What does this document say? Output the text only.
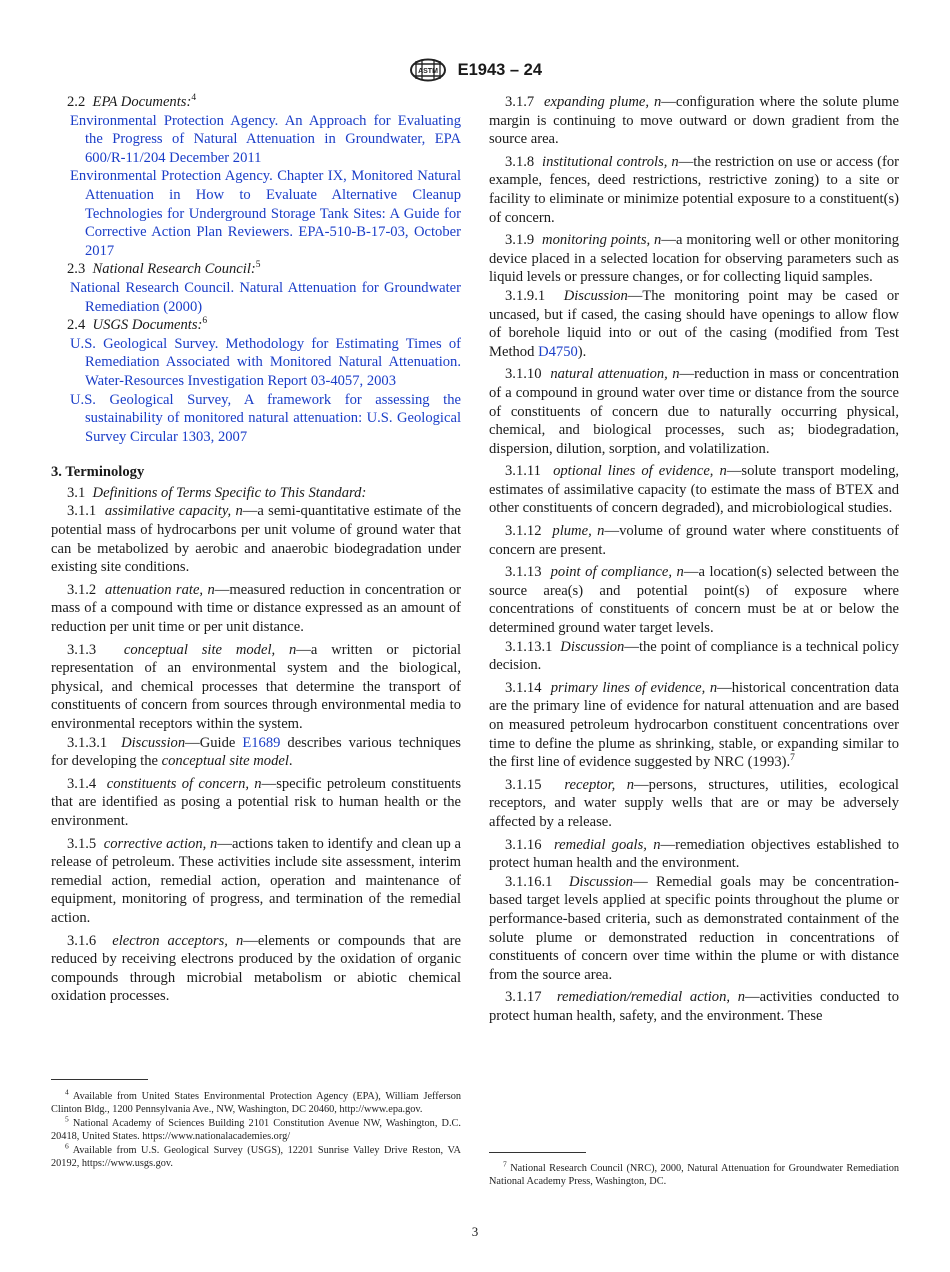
ASTM E1943 – 24

2.2 EPA Documents:$^4$

Environmental Protection Agency. An Approach for Evaluating the Progress of Natural Attenuation in Groundwater, EPA 600/R-11/204 December 2011

Environmental Protection Agency. Chapter IX, Monitored Natural Attenuation in How to Evaluate Alternative Cleanup Technologies for Underground Storage Tank Sites: A Guide for Corrective Action Plan Reviewers. EPA-510-B-17-03, October 2017

2.3 National Research Council:$^5$

National Research Council. Natural Attenuation for Groundwater Remediation (2000)

2.4 USGS Documents:$^6$

U.S. Geological Survey. Methodology for Estimating Times of Remediation Associated with Monitored Natural Attenuation. Water-Resources Investigation Report 03-4057, 2003

U.S. Geological Survey, A framework for assessing the sustainability of monitored natural attenuation: U.S. Geological Survey Circular 1303, 2007

3. Terminology

3.1 Definitions of Terms Specific to This Standard:

3.1.1 assimilative capacity, n—a semi-quantitative estimate of the potential mass of hydrocarbons per unit volume of ground water that can be metabolized by aerobic and anaerobic biodegradation under existing site conditions.

3.1.2 attenuation rate, n—measured reduction in concentration or mass of a compound with time or distance expressed as an amount of reduction per unit time or per unit distance.

3.1.3 conceptual site model, n—a written or pictorial representation of an environmental system and the biological, physical, and chemical processes that determine the transport of constituents of concern from sources through environmental media to environmental receptors within the system.

3.1.3.1 Discussion—Guide E1689 describes various techniques for developing the conceptual site model.

3.1.4 constituents of concern, n—specific petroleum constituents that are identified as posing a potential risk to human health or the environment.

3.1.5 corrective action, n—actions taken to identify and clean up a release of petroleum. These activities include site assessment, interim remedial action, remedial action, operation and maintenance of equipment, monitoring of progress, and termination of the remedial action.

3.1.6 electron acceptors, n—elements or compounds that are reduced by receiving electrons produced by the oxidation of organic compounds through microbial metabolism or abiotic chemical oxidation processes.

$^4$ Available from United States Environmental Protection Agency (EPA), William Jefferson Clinton Bldg., 1200 Pennsylvania Ave., NW, Washington, DC 20460, http://www.epa.gov.

$^5$ National Academy of Sciences Building 2101 Constitution Avenue NW, Washington, D.C. 20418, United States. https://www.nationalacademies.org/

$^6$ Available from U.S. Geological Survey (USGS), 12201 Sunrise Valley Drive Reston, VA 20192, https://www.usgs.gov.

3.1.7 expanding plume, n—configuration where the solute plume margin is continuing to move outward or down gradient from the source area.

3.1.8 institutional controls, n—the restriction on use or access (for example, fences, deed restrictions, restrictive zoning) to a site or facility to eliminate or minimize potential exposure to a constituent(s) of concern.

3.1.9 monitoring points, n—a monitoring well or other monitoring device placed in a selected location for observing parameters such as liquid levels or pressure changes, or for collecting liquid samples.

3.1.9.1 Discussion—The monitoring point may be cased or uncased, but if cased, the casing should have openings to allow flow of borehole liquid into or out of the casing (modified from Test Method D4750).

3.1.10 natural attenuation, n—reduction in mass or concentration of a compound in ground water over time or distance from the source of constituents of concern due to naturally occurring physical, chemical, and biological processes, such as; biodegradation, dispersion, dilution, sorption, and volatilization.

3.1.11 optional lines of evidence, n—solute transport modeling, estimates of assimilative capacity (to estimate the mass of BTEX and other constituents of concern degraded), and microbiological studies.

3.1.12 plume, n—volume of ground water where constituents of concern are present.

3.1.13 point of compliance, n—a location(s) selected between the source area(s) and potential point(s) of exposure where concentrations of constituents of concern must be at or below the determined ground water target levels.

3.1.13.1 Discussion—the point of compliance is a technical policy decision.

3.1.14 primary lines of evidence, n—historical concentration data are the primary line of evidence for natural attenuation and are based on measured petroleum hydrocarbon constituent concentrations over time to define the plume as shrinking, stable, or expanding similar to the first line of evidence suggested by NRC (1993).$^7$

3.1.15 receptor, n—persons, structures, utilities, ecological receptors, and water supply wells that are or may be adversely affected by a release.

3.1.16 remedial goals, n—remediation objectives established to protect human health and the environment.

3.1.16.1 Discussion— Remedial goals may be concentration-based target levels applied at specific points throughout the plume or performance-based criteria, such as demonstrated containment of the solute plume or demonstrated reduction in concentrations of constituents of concern over time within the plume or with distance from the source area.

3.1.17 remediation/remedial action, n—activities conducted to protect human health, safety, and the environment. These

$^7$ National Research Council (NRC), 2000, Natural Attenuation for Groundwater Remediation National Academy Press, Washington, DC.

3
